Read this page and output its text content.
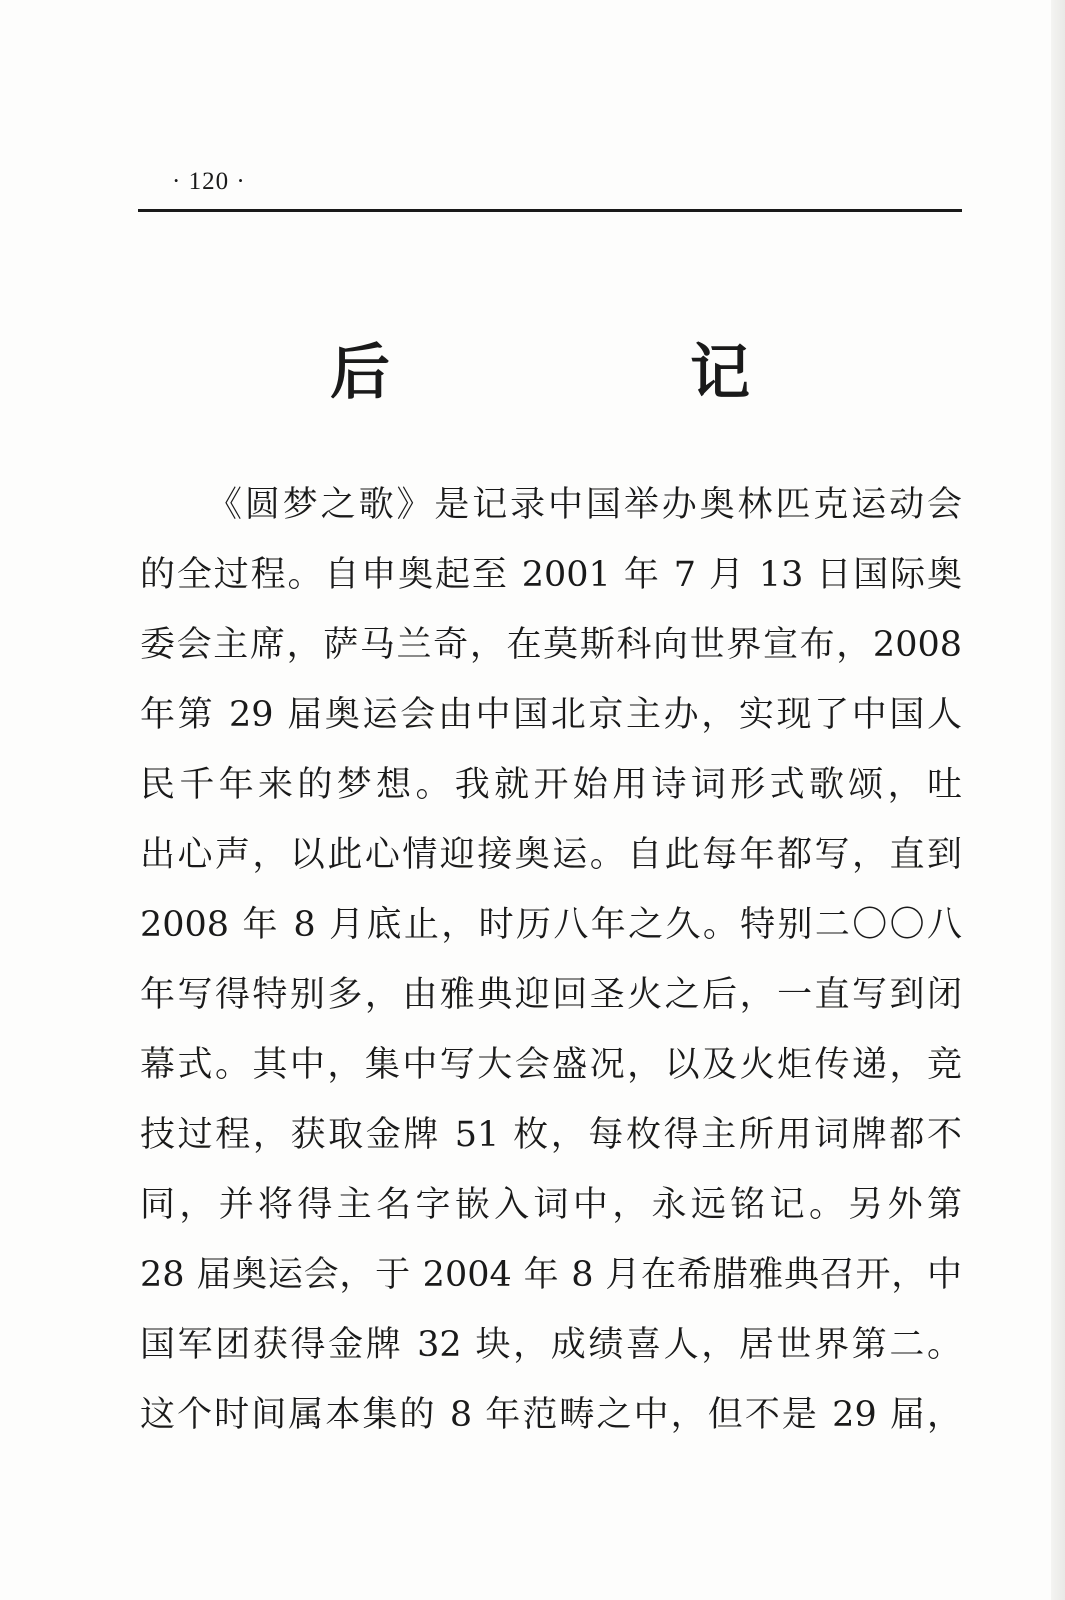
· 120 ·
后　记
《圆梦之歌》是记录中国举办奥林匹克运动会
的全过程。自申奥起至 2001 年 7 月 13 日国际奥
委会主席，萨马兰奇，在莫斯科向世界宣布，2008
年第 29 届奥运会由中国北京主办，实现了中国人
民千年来的梦想。我就开始用诗词形式歌颂，吐
出心声，以此心情迎接奥运。自此每年都写，直到
2008 年 8 月底止，时历八年之久。特别二〇〇八
年写得特别多，由雅典迎回圣火之后，一直写到闭
幕式。其中，集中写大会盛况，以及火炬传递，竞
技过程，获取金牌 51 枚，每枚得主所用词牌都不
同，并将得主名字嵌入词中，永远铭记。另外第
28 届奥运会，于 2004 年 8 月在希腊雅典召开，中
国军团获得金牌 32 块，成绩喜人，居世界第二。
这个时间属本集的 8 年范畴之中，但不是 29 届，
